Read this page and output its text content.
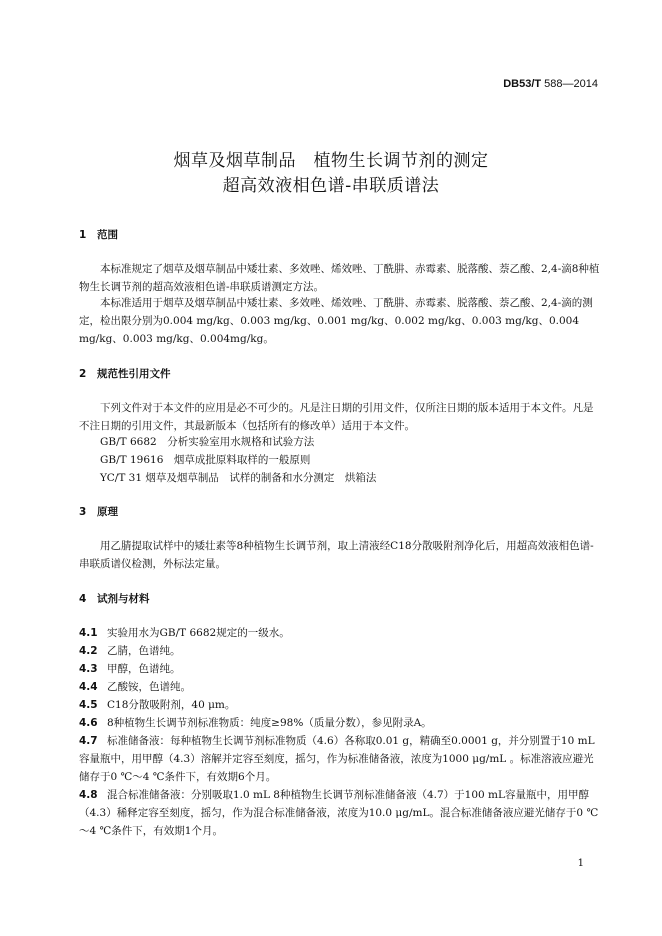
DB53/T 588—2014
烟草及烟草制品　植物生长调节剂的测定
超高效液相色谱-串联质谱法
1 范围
本标准规定了烟草及烟草制品中矮壮素、多效唑、烯效唑、丁酰肼、赤霉素、脱落酸、萘乙酸、2,4-滴8种植物生长调节剂的超高效液相色谱-串联质谱测定方法。
本标准适用于烟草及烟草制品中矮壮素、多效唑、烯效唑、丁酰肼、赤霉素、脱落酸、萘乙酸、2,4-滴的测定，检出限分别为0.004 mg/kg、0.003 mg/kg、0.001 mg/kg、0.002 mg/kg、0.003 mg/kg、0.004 mg/kg、0.003 mg/kg、0.004mg/kg。
2 规范性引用文件
下列文件对于本文件的应用是必不可少的。凡是注日期的引用文件，仅所注日期的版本适用于本文件。凡是不注日期的引用文件，其最新版本（包括所有的修改单）适用于本文件。
GB/T 6682　分析实验室用水规格和试验方法
GB/T 19616　烟草成批原料取样的一般原则
YC/T 31 烟草及烟草制品　试样的制备和水分测定　烘箱法
3 原理
用乙腈提取试样中的矮壮素等8种植物生长调节剂，取上清液经C18分散吸附剂净化后，用超高效液相色谱-串联质谱仪检测，外标法定量。
4 试剂与材料
4.1 实验用水为GB/T 6682规定的一级水。
4.2 乙腈，色谱纯。
4.3 甲醇，色谱纯。
4.4 乙酸铵，色谱纯。
4.5 C18分散吸附剂，40 μm。
4.6 8种植物生长调节剂标准物质：纯度≥98%（质量分数），参见附录A。
4.7 标准储备液：每种植物生长调节剂标准物质（4.6）各称取0.01 g，精确至0.0001 g，并分别置于10 mL容量瓶中，用甲醇（4.3）溶解并定容至刻度，摇匀，作为标准储备液，浓度为1000 μg/mL 。标准溶液应避光储存于0 ℃～4 ℃条件下，有效期6个月。
4.8 混合标准储备液：分别吸取1.0 mL 8种植物生长调节剂标准储备液（4.7）于100 mL容量瓶中，用甲醇（4.3）稀释定容至刻度，摇匀，作为混合标准储备液，浓度为10.0 μg/mL。混合标准储备液应避光储存于0 ℃～4 ℃条件下，有效期1个月。
1
